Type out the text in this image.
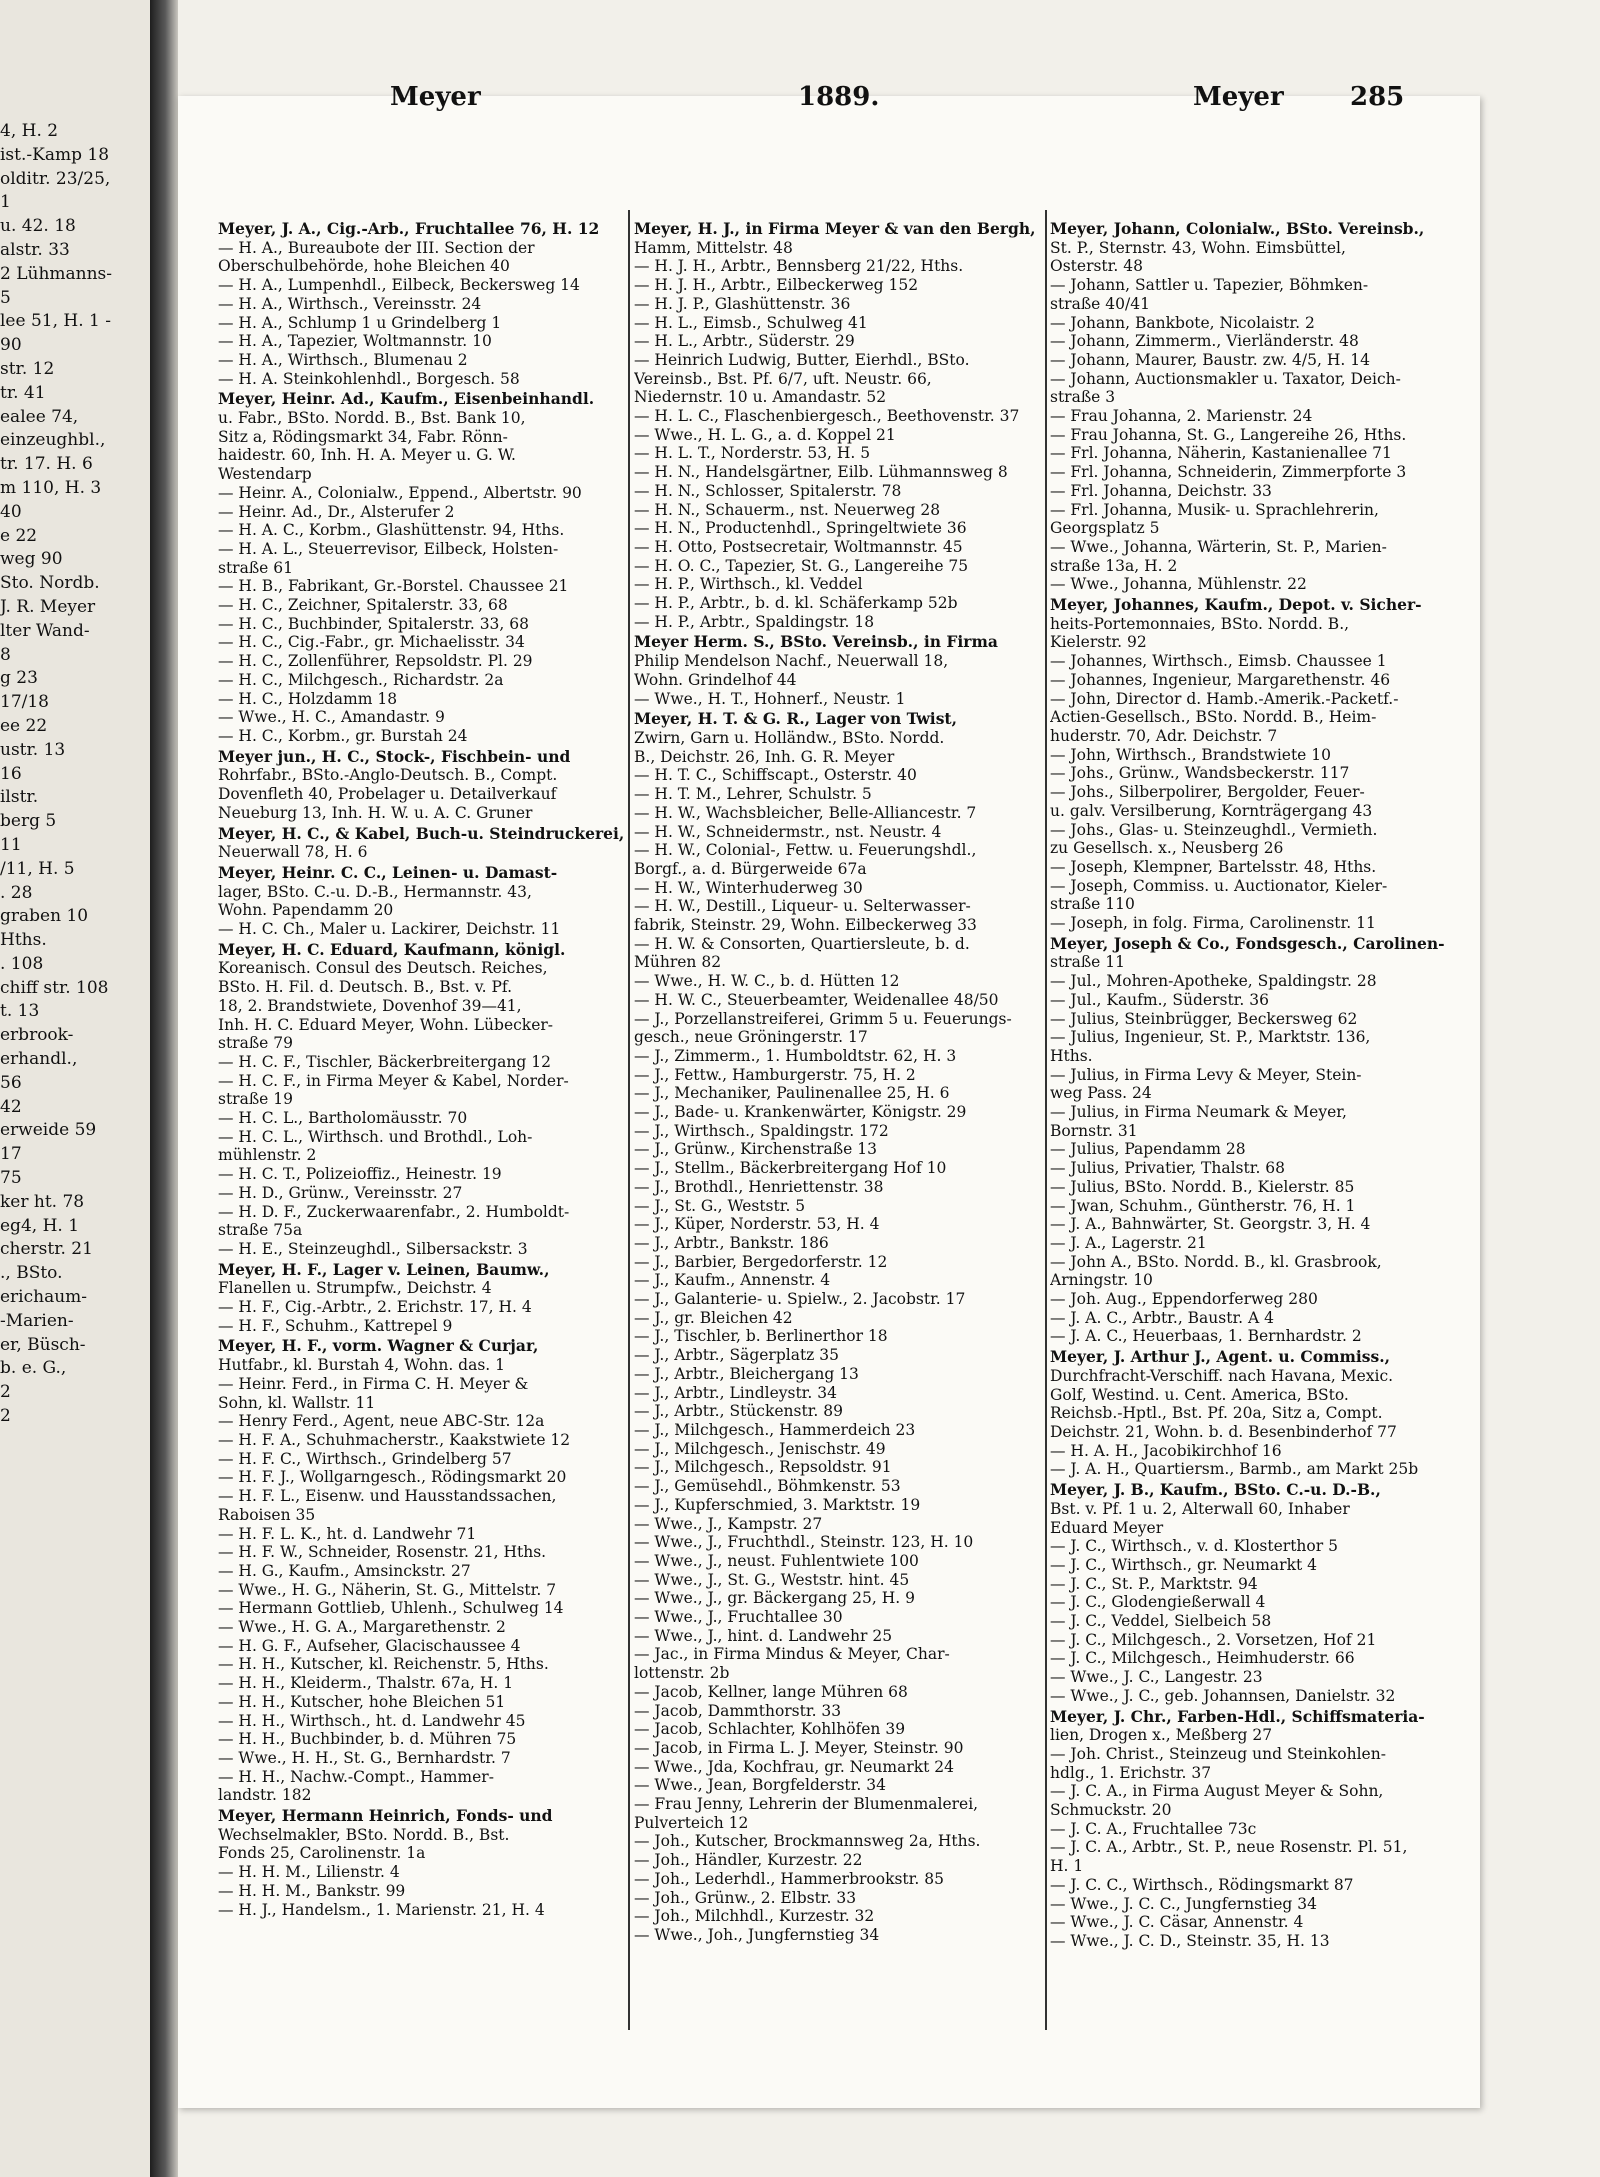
4, H. 2
ist.-Kamp 18
olditr. 23/25,
1
u. 42. 18
alstr. 33
2 Lühmanns-
5
lee 51, H. 1 -
90
str. 12
tr. 41
ealee 74,
einzeughbl.,
tr. 17. H. 6
m 110, H. 3
40
e 22
weg 90
Sto. Nordb.
J. R. Meyer
lter Wand-
8
g 23
17/18
ee 22
ustr. 13
16
ilstr.
berg 5
11
/11, H. 5
. 28
graben 10
Hths.
. 108
chiff str. 108
t. 13
erbrook-
erhandl.,
56
42
erweide 59
17
75
ker ht. 78
eg4, H. 1
cherstr. 21
., BSto.
erichaum-
-Marien-
er, Büsch-
b. e. G.,
2
2
Meyer	1889.	Meyer	285
Meyer, J. A., Cig.-Arb., Fruchtallee 76, H. 12
— H. A., Bureaubote der III. Section der
Oberschulbehörde, hohe Bleichen 40
— H. A., Lumpenhdl., Eilbeck, Beckersweg 14
— H. A., Wirthsch., Vereinsstr. 24
— H. A., Schlump 1 u Grindelberg 1
— H. A., Tapezier, Woltmannstr. 10
— H. A., Wirthsch., Blumenau 2
— H. A. Steinkohlenhdl., Borgesch. 58
Meyer, Heinr. Ad., Kaufm., Eisenbeinhandl.
u. Fabr., BSto. Nordd. B., Bst. Bank 10,
Sitz a, Rödingsmarkt 34, Fabr. Rönn-
haidestr. 60, Inh. H. A. Meyer u. G. W.
Westendarp
— Heinr. A., Colonialw., Eppend., Albertstr. 90
— Heinr. Ad., Dr., Alsterufer 2
— H. A. C., Korbm., Glashüttenstr. 94, Hths.
— H. A. L., Steuerrevisor, Eilbeck, Holsten-
straße 61
— H. B., Fabrikant, Gr.-Borstel. Chaussee 21
— H. C., Zeichner, Spitalerstr. 33, 68
— H. C., Buchbinder, Spitalerstr. 33, 68
— H. C., Cig.-Fabr., gr. Michaelisstr. 34
— H. C., Zollenführer, Repsoldstr. Pl. 29
— H. C., Milchgesch., Richardstr. 2a
— H. C., Holzdamm 18
— Wwe., H. C., Amandastr. 9
— H. C., Korbm., gr. Burstah 24
Meyer jun., H. C., Stock-, Fischbein- und
Rohrfabr., BSto.-Anglo-Deutsch. B., Compt.
Dovenfleth 40, Probelager u. Detailverkauf
Neueburg 13, Inh. H. W. u. A. C. Gruner
Meyer, H. C., & Kabel, Buch-u. Steindruckerei,
Neuerwall 78, H. 6
Meyer, Heinr. C. C., Leinen- u. Damast-
lager, BSto. C.-u. D.-B., Hermannstr. 43,
Wohn. Papendamm 20
— H. C. Ch., Maler u. Lackirer, Deichstr. 11
Meyer, H. C. Eduard, Kaufmann, königl.
Koreanisch. Consul des Deutsch. Reiches,
BSto. H. Fil. d. Deutsch. B., Bst. v. Pf.
18, 2. Brandstwiete, Dovenhof 39—41,
Inh. H. C. Eduard Meyer, Wohn. Lübecker-
straße 79
— H. C. F., Tischler, Bäckerbreitergang 12
— H. C. F., in Firma Meyer & Kabel, Norder-
straße 19
— H. C. L., Bartholomäusstr. 70
— H. C. L., Wirthsch. und Brothdl., Loh-
mühlenstr. 2
— H. C. T., Polizeioffiz., Heinestr. 19
— H. D., Grünw., Vereinsstr. 27
— H. D. F., Zuckerwaarenfabr., 2. Humboldt-
straße 75a
— H. E., Steinzeughdl., Silbersackstr. 3
Meyer, H. F., Lager v. Leinen, Baumw.,
Flanellen u. Strumpfw., Deichstr. 4
— H. F., Cig.-Arbtr., 2. Erichstr. 17, H. 4
— H. F., Schuhm., Kattrepel 9
Meyer, H. F., vorm. Wagner & Curjar,
Hutfabr., kl. Burstah 4, Wohn. das. 1
— Heinr. Ferd., in Firma C. H. Meyer &
Sohn, kl. Wallstr. 11
— Henry Ferd., Agent, neue ABC-Str. 12a
— H. F. A., Schuhmacherstr., Kaakstwiete 12
— H. F. C., Wirthsch., Grindelberg 57
— H. F. J., Wollgarngesch., Rödingsmarkt 20
— H. F. L., Eisenw. und Hausstandssachen,
Raboisen 35
— H. F. L. K., ht. d. Landwehr 71
— H. F. W., Schneider, Rosenstr. 21, Hths.
— H. G., Kaufm., Amsinckstr. 27
— Wwe., H. G., Näherin, St. G., Mittelstr. 7
— Hermann Gottlieb, Uhlenh., Schulweg 14
— Wwe., H. G. A., Margarethenstr. 2
— H. G. F., Aufseher, Glacischaussee 4
— H. H., Kutscher, kl. Reichenstr. 5, Hths.
— H. H., Kleiderm., Thalstr. 67a, H. 1
— H. H., Kutscher, hohe Bleichen 51
— H. H., Wirthsch., ht. d. Landwehr 45
— H. H., Buchbinder, b. d. Mühren 75
— Wwe., H. H., St. G., Bernhardstr. 7
— H. H., Nachw.-Compt., Hammer-
landstr. 182
Meyer, Hermann Heinrich, Fonds- und
Wechselmakler, BSto. Nordd. B., Bst.
Fonds 25, Carolinenstr. 1a
— H. H. M., Lilienstr. 4
— H. H. M., Bankstr. 99
— H. J., Handelsm., 1. Marienstr. 21, H. 4
Meyer, H. J., in Firma Meyer & van den Bergh,
Hamm, Mittelstr. 48
— H. J. H., Arbtr., Bennsberg 21/22, Hths.
— H. J. H., Arbtr., Eilbeckerweg 152
— H. J. P., Glashüttenstr. 36
— H. L., Eimsb., Schulweg 41
— H. L., Arbtr., Süderstr. 29
— Heinrich Ludwig, Butter, Eierhdl., BSto.
Vereinsb., Bst. Pf. 6/7, uft. Neustr. 66,
Niedernstr. 10 u. Amandastr. 52
— H. L. C., Flaschenbiergesch., Beethovenstr. 37
— Wwe., H. L. G., a. d. Koppel 21
— H. L. T., Norderstr. 53, H. 5
— H. N., Handelsgärtner, Eilb. Lühmannsweg 8
— H. N., Schlosser, Spitalerstr. 78
— H. N., Schauerm., nst. Neuerweg 28
— H. N., Productenhdl., Springeltwiete 36
— H. Otto, Postsecretair, Woltmannstr. 45
— H. O. C., Tapezier, St. G., Langereihe 75
— H. P., Wirthsch., kl. Veddel
— H. P., Arbtr., b. d. kl. Schäferkamp 52b
— H. P., Arbtr., Spaldingstr. 18
Meyer Herm. S., BSto. Vereinsb., in Firma
Philip Mendelson Nachf., Neuerwall 18,
Wohn. Grindelhof 44
— Wwe., H. T., Hohnerf., Neustr. 1
Meyer, H. T. & G. R., Lager von Twist,
Zwirn, Garn u. Holländw., BSto. Nordd.
B., Deichstr. 26, Inh. G. R. Meyer
— H. T. C., Schiffscapt., Osterstr. 40
— H. T. M., Lehrer, Schulstr. 5
— H. W., Wachsbleicher, Belle-Alliancestr. 7
— H. W., Schneidermstr., nst. Neustr. 4
— H. W., Colonial-, Fettw. u. Feuerungshdl.,
Borgf., a. d. Bürgerweide 67a
— H. W., Winterhuderweg 30
— H. W., Destill., Liqueur- u. Selterwasser-
fabrik, Steinstr. 29, Wohn. Eilbeckerweg 33
— H. W. & Consorten, Quartiersleute, b. d.
Mühren 82
— Wwe., H. W. C., b. d. Hütten 12
— H. W. C., Steuerbeamter, Weidenallee 48/50
— J., Porzellanstreiferei, Grimm 5 u. Feuerungs-
gesch., neue Gröningerstr. 17
— J., Zimmerm., 1. Humboldtstr. 62, H. 3
— J., Fettw., Hamburgerstr. 75, H. 2
— J., Mechaniker, Paulinenallee 25, H. 6
— J., Bade- u. Krankenwärter, Königstr. 29
— J., Wirthsch., Spaldingstr. 172
— J., Grünw., Kirchenstraße 13
— J., Stellm., Bäckerbreitergang Hof 10
— J., Brothdl., Henriettenstr. 38
— J., St. G., Weststr. 5
— J., Küper, Norderstr. 53, H. 4
— J., Arbtr., Bankstr. 186
— J., Barbier, Bergedorferstr. 12
— J., Kaufm., Annenstr. 4
— J., Galanterie- u. Spielw., 2. Jacobstr. 17
— J., gr. Bleichen 42
— J., Tischler, b. Berlinerthor 18
— J., Arbtr., Sägerplatz 35
— J., Arbtr., Bleichergang 13
— J., Arbtr., Lindleystr. 34
— J., Arbtr., Stückenstr. 89
— J., Milchgesch., Hammerdeich 23
— J., Milchgesch., Jenischstr. 49
— J., Milchgesch., Repsoldstr. 91
— J., Gemüsehdl., Böhmkenstr. 53
— J., Kupferschmied, 3. Marktstr. 19
— Wwe., J., Kampstr. 27
— Wwe., J., Fruchthdl., Steinstr. 123, H. 10
— Wwe., J., neust. Fuhlentwiete 100
— Wwe., J., St. G., Weststr. hint. 45
— Wwe., J., gr. Bäckergang 25, H. 9
— Wwe., J., Fruchtallee 30
— Wwe., J., hint. d. Landwehr 25
— Jac., in Firma Mindus & Meyer, Char-
lottenstr. 2b
— Jacob, Kellner, lange Mühren 68
— Jacob, Dammthorstr. 33
— Jacob, Schlachter, Kohlhöfen 39
— Jacob, in Firma L. J. Meyer, Steinstr. 90
— Wwe., Jda, Kochfrau, gr. Neumarkt 24
— Wwe., Jean, Borgfelderstr. 34
— Frau Jenny, Lehrerin der Blumenmalerei,
Pulverteich 12
— Joh., Kutscher, Brockmannsweg 2a, Hths.
— Joh., Händler, Kurzestr. 22
— Joh., Lederhdl., Hammerbrookstr. 85
— Joh., Grünw., 2. Elbstr. 33
— Joh., Milchhdl., Kurzestr. 32
— Wwe., Joh., Jungfernstieg 34
Meyer, Johann, Colonialw., BSto. Vereinsb.,
St. P., Sternstr. 43, Wohn. Eimsbüttel,
Osterstr. 48
— Johann, Sattler u. Tapezier, Böhmken-
straße 40/41
— Johann, Bankbote, Nicolaistr. 2
— Johann, Zimmerm., Vierländerstr. 48
— Johann, Maurer, Baustr. zw. 4/5, H. 14
— Johann, Auctionsmakler u. Taxator, Deich-
straße 3
— Frau Johanna, 2. Marienstr. 24
— Frau Johanna, St. G., Langereihe 26, Hths.
— Frl. Johanna, Näherin, Kastanienallee 71
— Frl. Johanna, Schneiderin, Zimmerpforte 3
— Frl. Johanna, Deichstr. 33
— Frl. Johanna, Musik- u. Sprachlehrerin,
Georgsplatz 5
— Wwe., Johanna, Wärterin, St. P., Marien-
straße 13a, H. 2
— Wwe., Johanna, Mühlenstr. 22
Meyer, Johannes, Kaufm., Depot. v. Sicher-
heits-Portemonnaies, BSto. Nordd. B.,
Kielerstr. 92
— Johannes, Wirthsch., Eimsb. Chaussee 1
— Johannes, Ingenieur, Margarethenstr. 46
— John, Director d. Hamb.-Amerik.-Packetf.-
Actien-Gesellsch., BSto. Nordd. B., Heim-
huderstr. 70, Adr. Deichstr. 7
— John, Wirthsch., Brandstwiete 10
— Johs., Grünw., Wandsbeckerstr. 117
— Johs., Silberpolirer, Bergolder, Feuer-
u. galv. Versilberung, Kornträgergang 43
— Johs., Glas- u. Steinzeughdl., Vermieth.
zu Gesellsch. x., Neusberg 26
— Joseph, Klempner, Bartelsstr. 48, Hths.
— Joseph, Commiss. u. Auctionator, Kieler-
straße 110
— Joseph, in folg. Firma, Carolinenstr. 11
Meyer, Joseph & Co., Fondsgesch., Carolinen-
straße 11
— Jul., Mohren-Apotheke, Spaldingstr. 28
— Jul., Kaufm., Süderstr. 36
— Julius, Steinbrügger, Beckersweg 62
— Julius, Ingenieur, St. P., Marktstr. 136,
Hths.
— Julius, in Firma Levy & Meyer, Stein-
weg Pass. 24
— Julius, in Firma Neumark & Meyer,
Bornstr. 31
— Julius, Papendamm 28
— Julius, Privatier, Thalstr. 68
— Julius, BSto. Nordd. B., Kielerstr. 85
— Jwan, Schuhm., Güntherstr. 76, H. 1
— J. A., Bahnwärter, St. Georgstr. 3, H. 4
— J. A., Lagerstr. 21
— John A., BSto. Nordd. B., kl. Grasbrook,
Arningstr. 10
— Joh. Aug., Eppendorferweg 280
— J. A. C., Arbtr., Baustr. A 4
— J. A. C., Heuerbaas, 1. Bernhardstr. 2
Meyer, J. Arthur J., Agent. u. Commiss.,
Durchfracht-Verschiff. nach Havana, Mexic.
Golf, Westind. u. Cent. America, BSto.
Reichsb.-Hptl., Bst. Pf. 20a, Sitz a, Compt.
Deichstr. 21, Wohn. b. d. Besenbinderhof 77
— H. A. H., Jacobikirchhof 16
— J. A. H., Quartiersm., Barmb., am Markt 25b
Meyer, J. B., Kaufm., BSto. C.-u. D.-B.,
Bst. v. Pf. 1 u. 2, Alterwall 60, Inhaber
Eduard Meyer
— J. C., Wirthsch., v. d. Klosterthor 5
— J. C., Wirthsch., gr. Neumarkt 4
— J. C., St. P., Marktstr. 94
— J. C., Glodengießerwall 4
— J. C., Veddel, Sielbeich 58
— J. C., Milchgesch., 2. Vorsetzen, Hof 21
— J. C., Milchgesch., Heimhuderstr. 66
— Wwe., J. C., Langestr. 23
— Wwe., J. C., geb. Johannsen, Danielstr. 32
Meyer, J. Chr., Farben-Hdl., Schiffsmateria-
lien, Drogen x., Meßberg 27
— Joh. Christ., Steinzeug und Steinkohlen-
hdlg., 1. Erichstr. 37
— J. C. A., in Firma August Meyer & Sohn,
Schmuckstr. 20
— J. C. A., Fruchtallee 73c
— J. C. A., Arbtr., St. P., neue Rosenstr. Pl. 51,
H. 1
— J. C. C., Wirthsch., Rödingsmarkt 87
— Wwe., J. C. C., Jungfernstieg 34
— Wwe., J. C. Cäsar, Annenstr. 4
— Wwe., J. C. D., Steinstr. 35, H. 13
